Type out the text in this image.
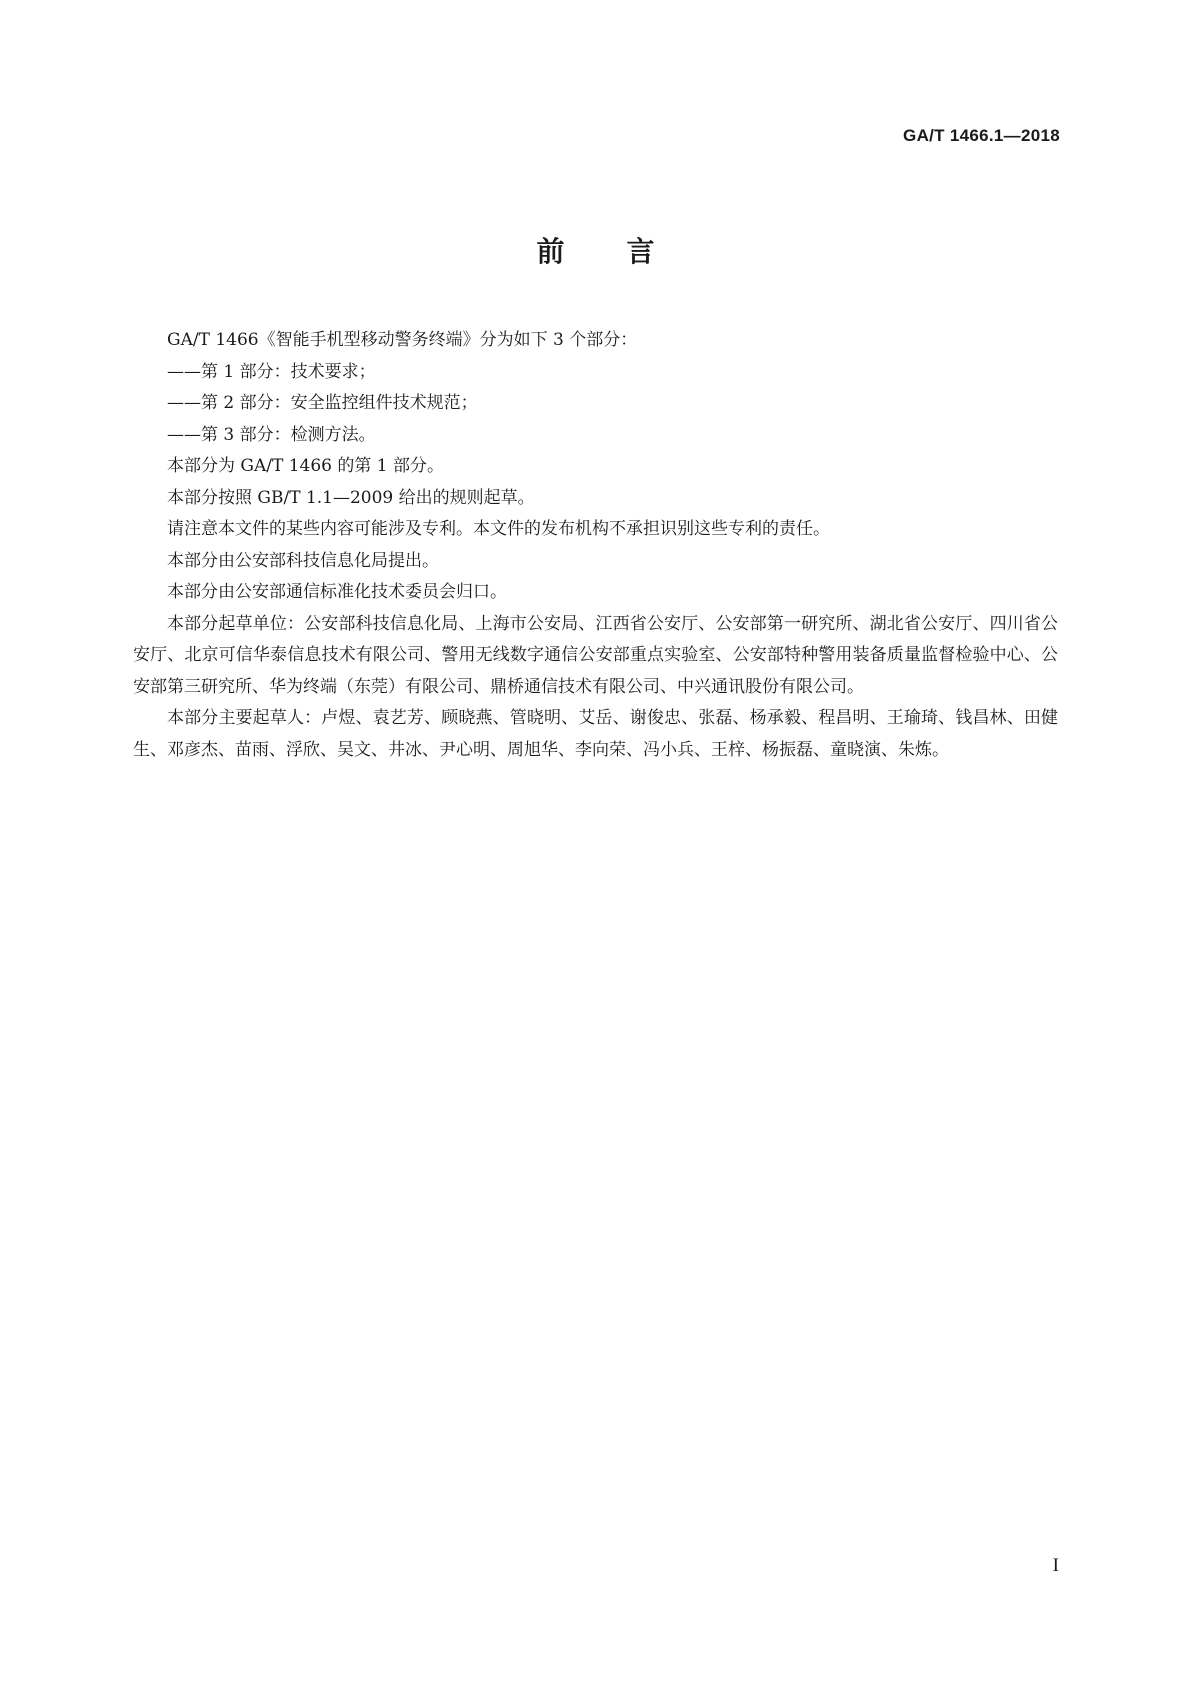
GA/T 1466.1—2018
前 言

GA/T 1466《智能手机型移动警务终端》分为如下 3 个部分：

——第 1 部分：技术要求；

——第 2 部分：安全监控组件技术规范；

——第 3 部分：检测方法。

本部分为 GA/T 1466 的第 1 部分。

本部分按照 GB/T 1.1—2009 给出的规则起草。

请注意本文件的某些内容可能涉及专利。本文件的发布机构不承担识别这些专利的责任。

本部分由公安部科技信息化局提出。

本部分由公安部通信标准化技术委员会归口。

本部分起草单位：公安部科技信息化局、上海市公安局、江西省公安厅、公安部第一研究所、湖北省公安厅、四川省公安厅、北京可信华泰信息技术有限公司、警用无线数字通信公安部重点实验室、公安部特种警用装备质量监督检验中心、公安部第三研究所、华为终端（东莞）有限公司、鼎桥通信技术有限公司、中兴通讯股份有限公司。

本部分主要起草人：卢煜、袁艺芳、顾晓燕、管晓明、艾岳、谢俊忠、张磊、杨承毅、程昌明、王瑜琦、钱昌林、田健生、邓彦杰、苗雨、浮欣、吴文、井冰、尹心明、周旭华、李向荣、冯小兵、王梓、杨振磊、童晓演、朱炼。

I
